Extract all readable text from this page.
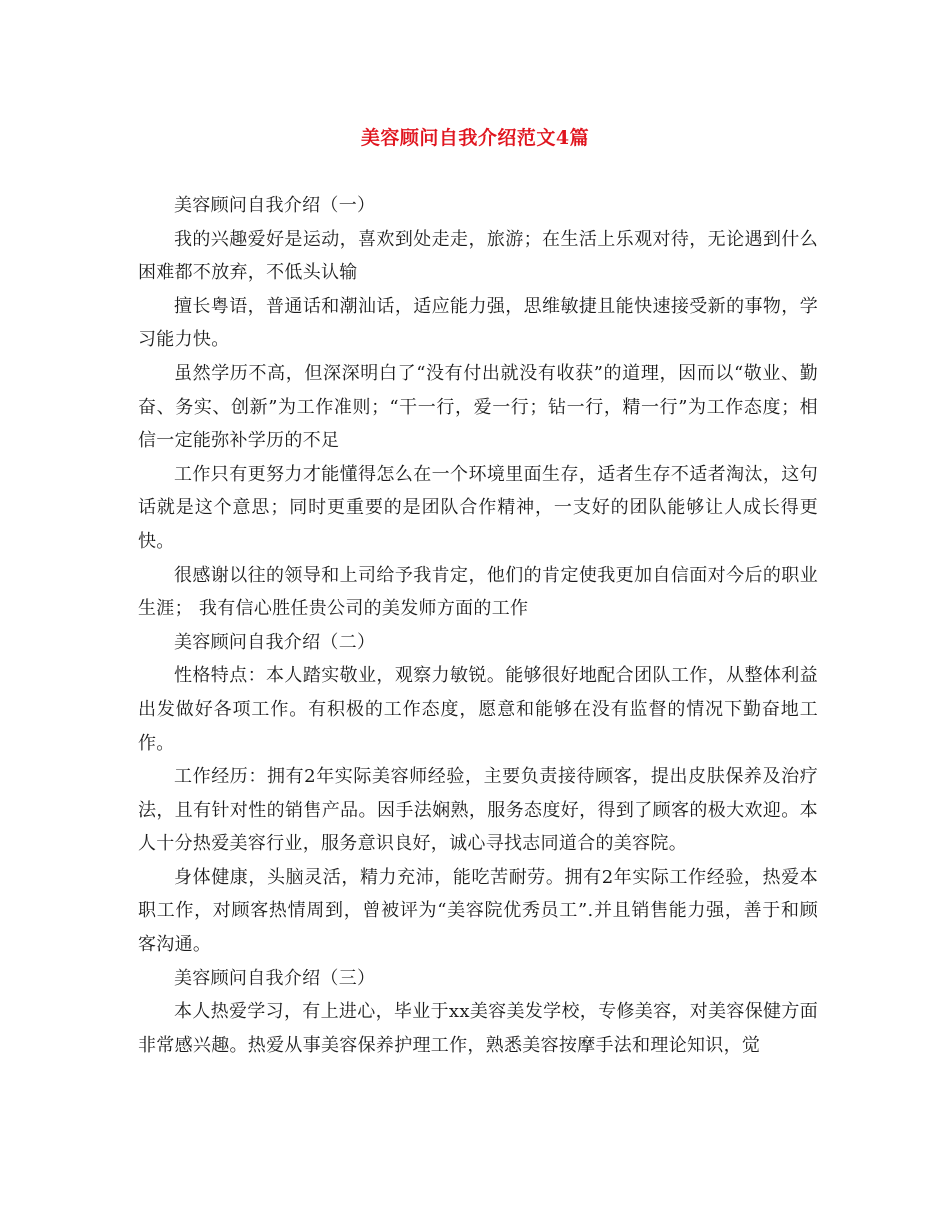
美容顾问自我介绍范文4篇

美容顾问自我介绍（一）

我的兴趣爱好是运动，喜欢到处走走，旅游；在生活上乐观对待，无论遇到什么困难都不放弃，不低头认输

擅长粤语，普通话和潮汕话，适应能力强，思维敏捷且能快速接受新的事物，学习能力快。

虽然学历不高，但深深明白了“没有付出就没有收获”的道理，因而以“敬业、勤奋、务实、创新”为工作准则；“干一行，爱一行；钻一行，精一行”为工作态度；相信一定能弥补学历的不足

工作只有更努力才能懂得怎么在一个环境里面生存，适者生存不适者淘汰，这句话就是这个意思；同时更重要的是团队合作精神，一支好的团队能够让人成长得更快。

很感谢以往的领导和上司给予我肯定，他们的肯定使我更加自信面对今后的职业生涯； 我有信心胜任贵公司的美发师方面的工作

美容顾问自我介绍（二）

性格特点：本人踏实敬业，观察力敏锐。能够很好地配合团队工作，从整体利益出发做好各项工作。有积极的工作态度，愿意和能够在没有监督的情况下勤奋地工作。

工作经历：拥有2年实际美容师经验，主要负责接待顾客，提出皮肤保养及治疗法，且有针对性的销售产品。因手法娴熟，服务态度好，得到了顾客的极大欢迎。本人十分热爱美容行业，服务意识良好，诚心寻找志同道合的美容院。

身体健康，头脑灵活，精力充沛，能吃苦耐劳。拥有2年实际工作经验，热爱本职工作，对顾客热情周到，曾被评为“美容院优秀员工”.并且销售能力强，善于和顾客沟通。

美容顾问自我介绍（三）

本人热爱学习，有上进心，毕业于xx美容美发学校，专修美容，对美容保健方面非常感兴趣。热爱从事美容保养护理工作，熟悉美容按摩手法和理论知识，觉
